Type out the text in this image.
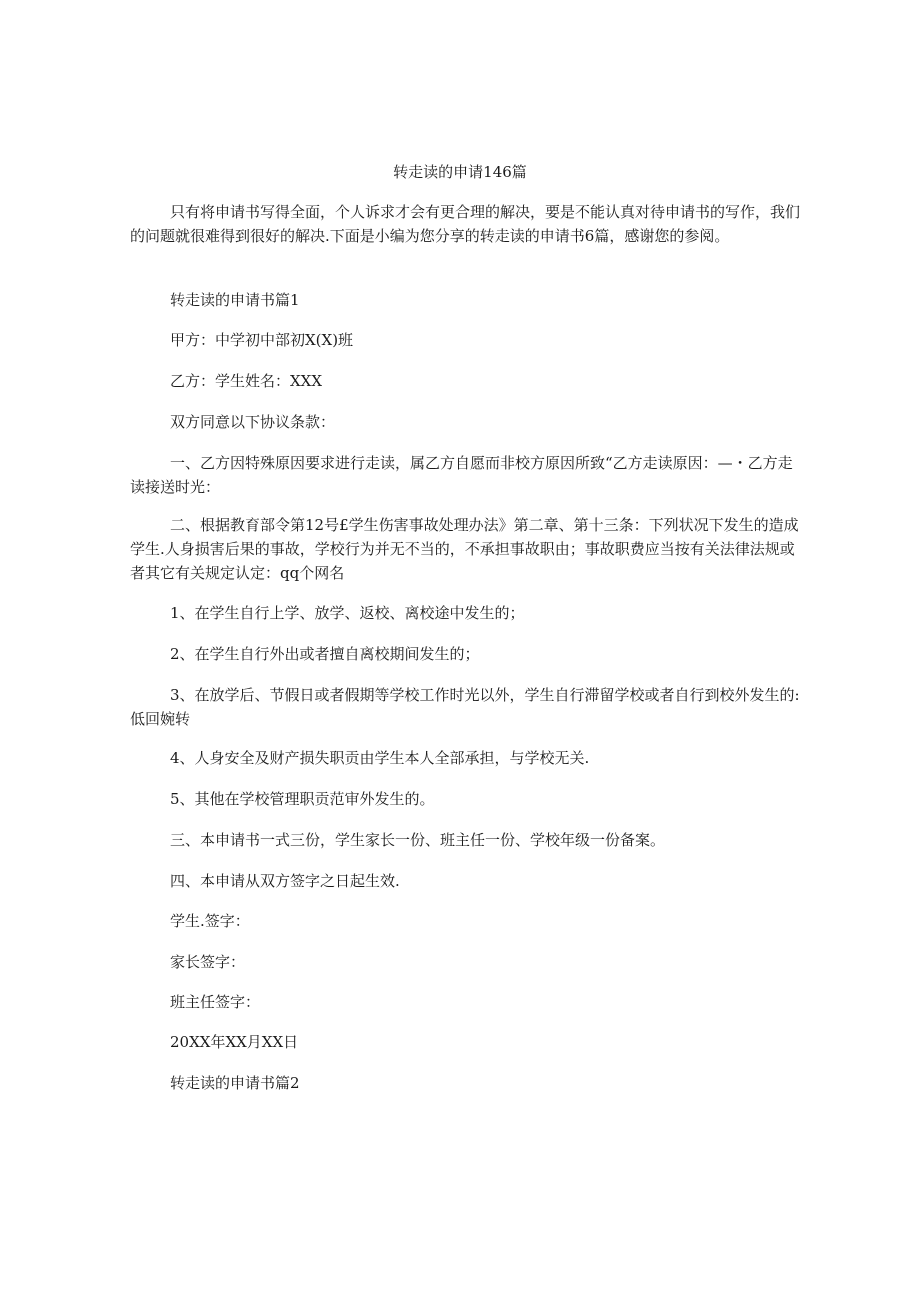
转走读的申请146篇

只有将申请书写得全面，个人诉求才会有更合理的解决，要是不能认真对待申请书的写作，我们的问题就很难得到很好的解决.下面是小编为您分享的转走读的申请书6篇，感谢您的参阅。

转走读的申请书篇1

甲方：中学初中部初X(X)班

乙方：学生姓名：XXX

双方同意以下协议条款：

一、乙方因特殊原因要求进行走读，属乙方自愿而非校方原因所致“乙方走读原因：—・乙方走读接送时光：

二、根据教育部令第12号£学生伤害事故处理办法》第二章、第十三条：下列状况下发生的造成学生.人身损害后果的事故，学校行为并无不当的，不承担事故职由；事故职费应当按有关法律法规或者其它有关规定认定：qq个网名

1、在学生自行上学、放学、返校、离校途中发生的；

2、在学生自行外出或者擅自离校期间发生的；

3、在放学后、节假日或者假期等学校工作时光以外，学生自行滞留学校或者自行到校外发生的:低回婉转

4、人身安全及财产损失职贡由学生本人全部承担，与学校无关.

5、其他在学校管理职贡范审外发生的。

三、本申请书一式三份，学生家长一份、班主任一份、学校年级一份备案。

四、本申请从双方签字之日起生效.

学生.签字：

家长签字：

班主任签字：

20XX年XX月XX日

转走读的申请书篇2
